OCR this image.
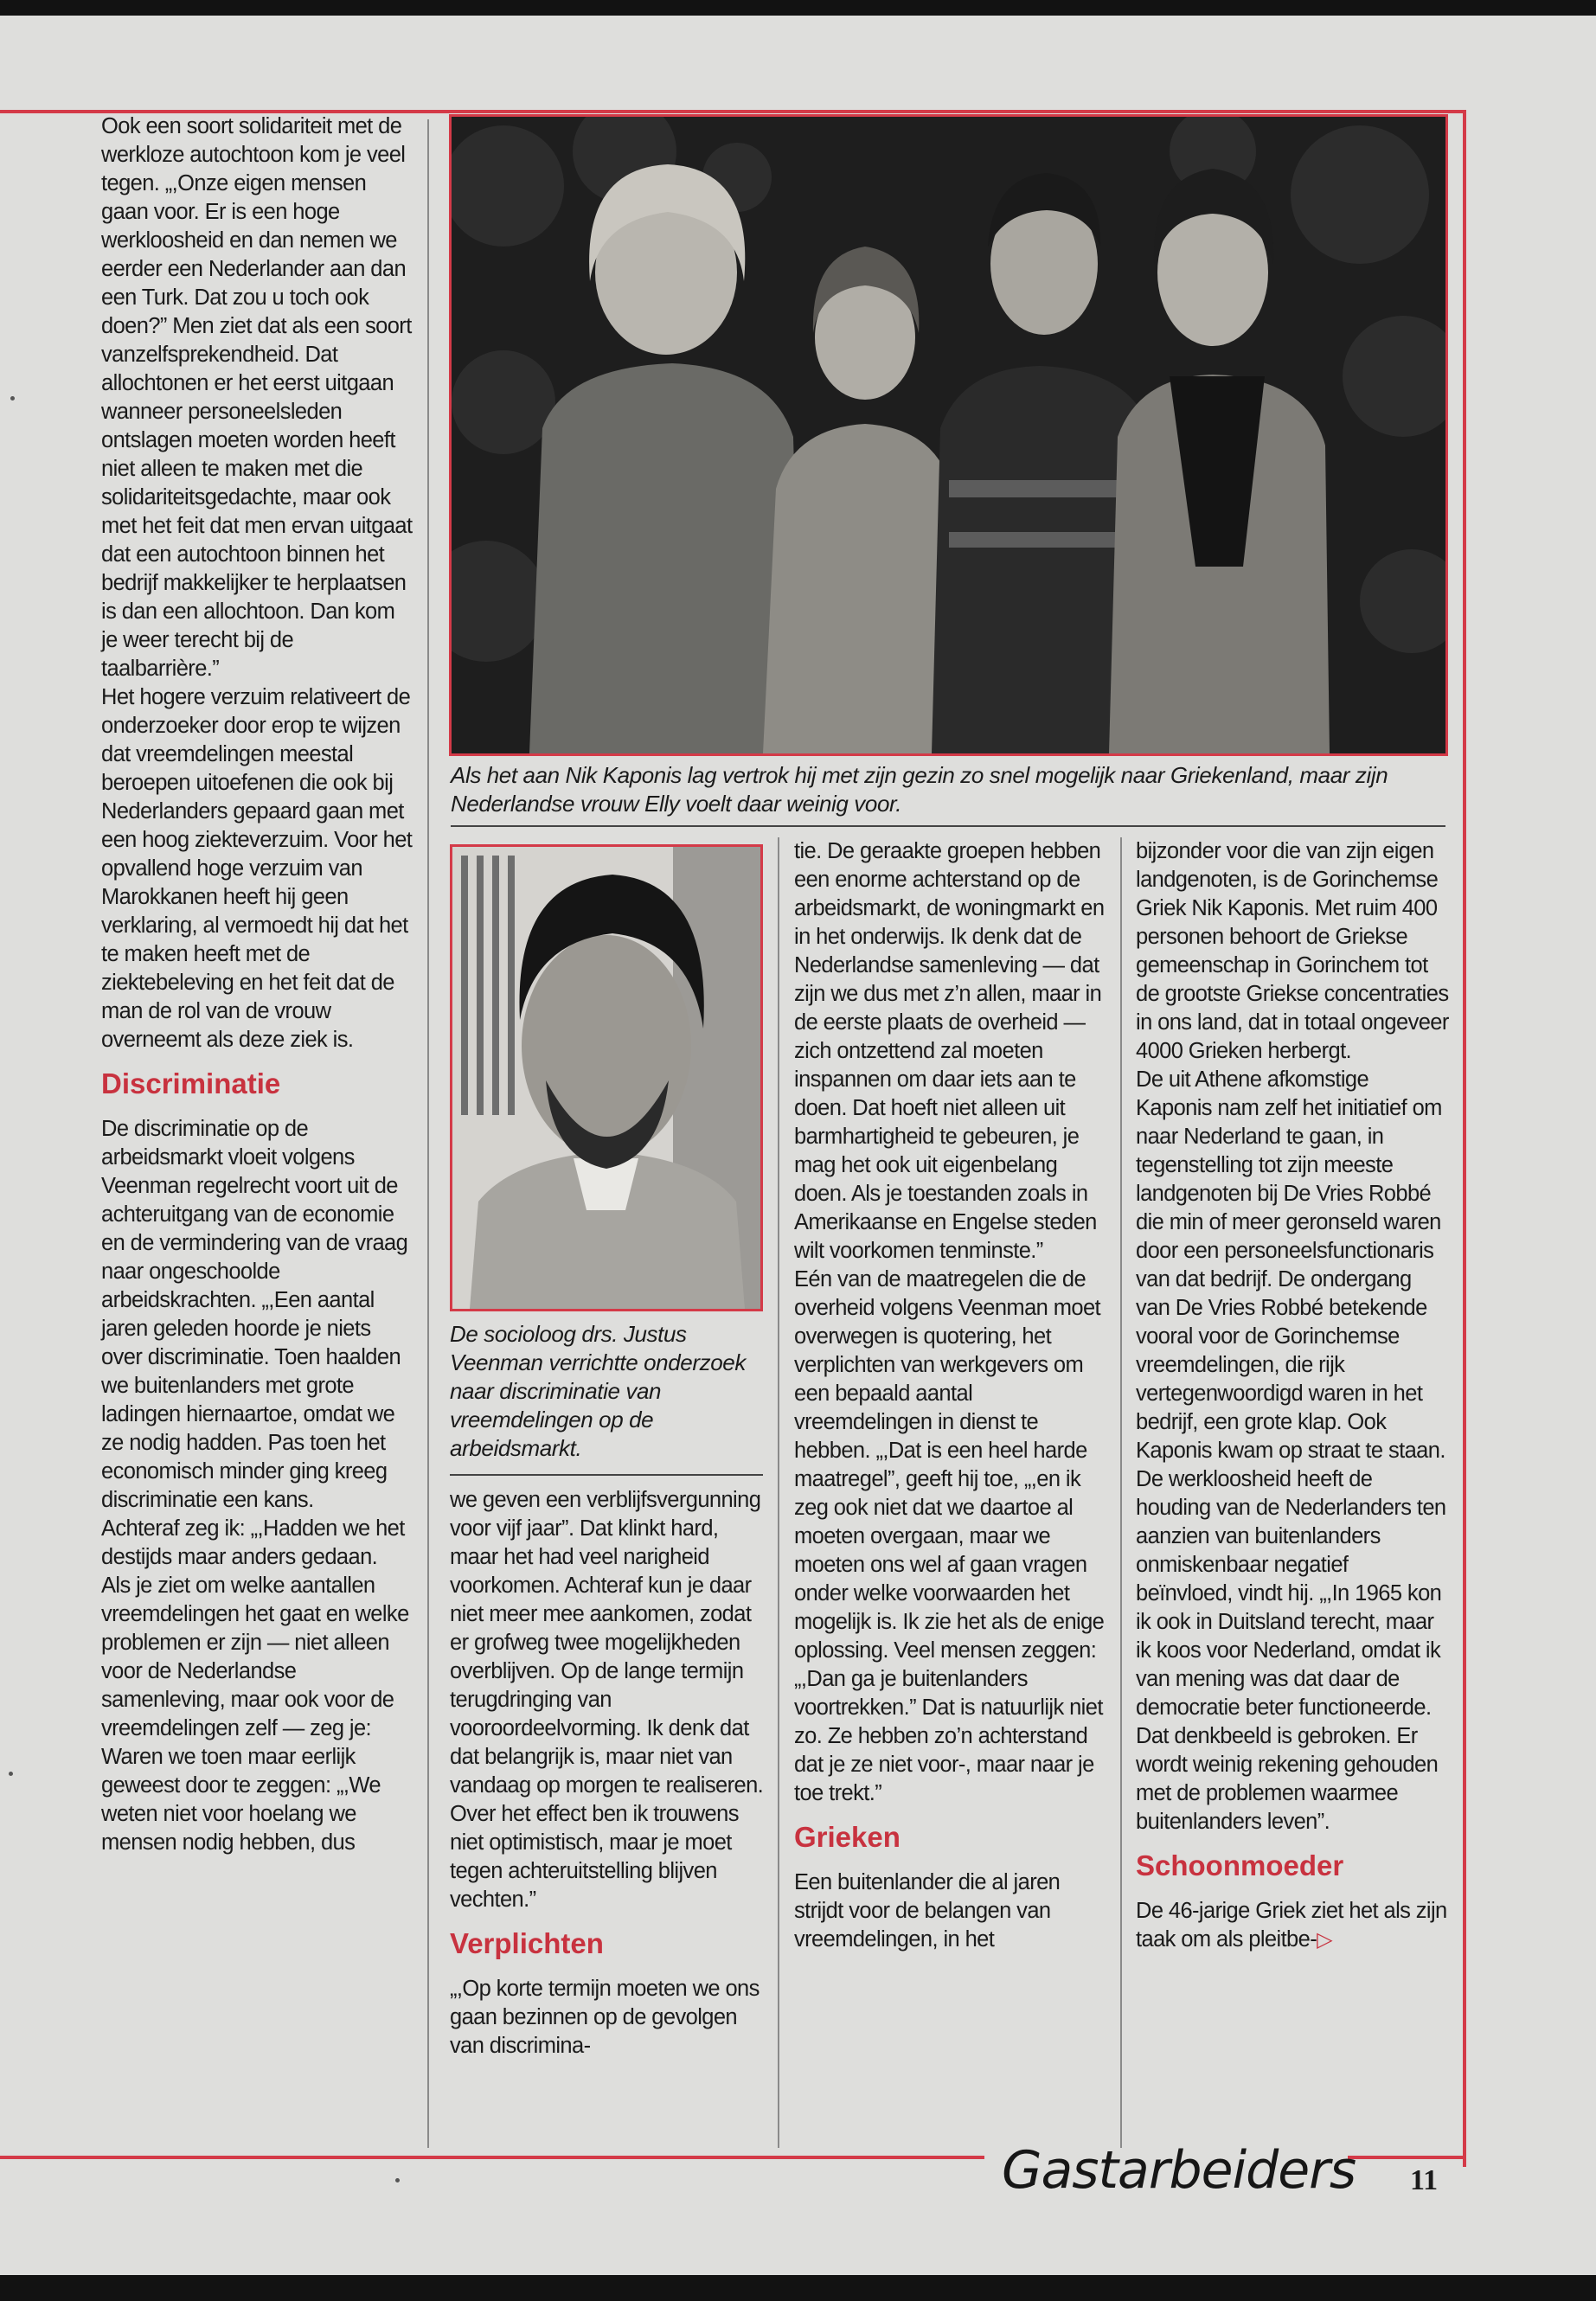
Ook een soort solidariteit met de werkloze autochtoon kom je veel tegen. „,Onze eigen mensen gaan voor. Er is een hoge werkloosheid en dan nemen we eerder een Nederlander aan dan een Turk. Dat zou u toch ook doen?” Men ziet dat als een soort vanzelfsprekendheid. Dat allochtonen er het eerst uitgaan wanneer personeelsleden ontslagen moeten worden heeft niet alleen te maken met die solidariteitsgedachte, maar ook met het feit dat men ervan uitgaat dat een autochtoon binnen het bedrijf makkelijker te herplaatsen is dan een allochtoon. Dan kom je weer terecht bij de taalbarrière.”

Het hogere verzuim relativeert de onderzoeker door erop te wijzen dat vreemdelingen meestal beroepen uitoefenen die ook bij Nederlanders gepaard gaan met een hoog ziekteverzuim. Voor het opvallend hoge verzuim van Marokkanen heeft hij geen verklaring, al vermoedt hij dat het te maken heeft met de ziektebeleving en het feit dat de man de rol van de vrouw overneemt als deze ziek is.

Discriminatie

De discriminatie op de arbeidsmarkt vloeit volgens Veenman regelrecht voort uit de achteruitgang van de economie en de vermindering van de vraag naar ongeschoolde arbeidskrachten. „,Een aantal jaren geleden hoorde je niets over discriminatie. Toen haalden we buitenlanders met grote ladingen hiernaartoe, omdat we ze nodig hadden. Pas toen het economisch minder ging kreeg discriminatie een kans.

Achteraf zeg ik: „,Hadden we het destijds maar anders gedaan.

Als je ziet om welke aantallen vreemdelingen het gaat en welke problemen er zijn — niet alleen voor de Nederlandse samenleving, maar ook voor de vreemdelingen zelf — zeg je: Waren we toen maar eerlijk geweest door te zeggen: „,We weten niet voor hoelang we mensen nodig hebben, dus

Als het aan Nik Kaponis lag vertrok hij met zijn gezin zo snel mogelijk naar Griekenland, maar zijn Nederlandse vrouw Elly voelt daar weinig voor.
De socioloog drs. Justus Veenman verrichtte onderzoek naar discriminatie van vreemdelingen op de arbeidsmarkt.

we geven een verblijfsvergunning voor vijf jaar”. Dat klinkt hard, maar het had veel narigheid voorkomen. Achteraf kun je daar niet meer mee aankomen, zodat er grofweg twee mogelijkheden overblijven. Op de lange termijn terugdringing van vooroordeelvorming. Ik denk dat dat belangrijk is, maar niet van vandaag op morgen te realiseren. Over het effect ben ik trouwens niet optimistisch, maar je moet tegen achteruitstelling blijven vechten.”

Verplichten

„,Op korte termijn moeten we ons gaan bezinnen op de gevolgen van discrimina-

tie. De geraakte groepen hebben een enorme achterstand op de arbeidsmarkt, de woningmarkt en in het onderwijs. Ik denk dat de Nederlandse samenleving — dat zijn we dus met z’n allen, maar in de eerste plaats de overheid — zich ontzettend zal moeten inspannen om daar iets aan te doen. Dat hoeft niet alleen uit barmhartigheid te gebeuren, je mag het ook uit eigenbelang doen. Als je toestanden zoals in Amerikaanse en Engelse steden wilt voorkomen tenminste.”

Eén van de maatregelen die de overheid volgens Veenman moet overwegen is quotering, het verplichten van werkgevers om een bepaald aantal vreemdelingen in dienst te hebben. „,Dat is een heel harde maatregel”, geeft hij toe, „,en ik zeg ook niet dat we daartoe al moeten overgaan, maar we moeten ons wel af gaan vragen onder welke voorwaarden het mogelijk is. Ik zie het als de enige oplossing. Veel mensen zeggen: „,Dan ga je buitenlanders voortrekken.” Dat is natuurlijk niet zo. Ze hebben zo’n achterstand dat je ze niet voor-, maar naar je toe trekt.”

Grieken

Een buitenlander die al jaren strijdt voor de belangen van vreemdelingen, in het

bijzonder voor die van zijn eigen landgenoten, is de Gorinchemse Griek Nik Kaponis. Met ruim 400 personen behoort de Griekse gemeenschap in Gorinchem tot de grootste Griekse concentraties in ons land, dat in totaal ongeveer 4000 Grieken herbergt.

De uit Athene afkomstige Kaponis nam zelf het initiatief om naar Nederland te gaan, in tegenstelling tot zijn meeste landgenoten bij De Vries Robbé die min of meer geronseld waren door een personeelsfunctionaris van dat bedrijf. De ondergang van De Vries Robbé betekende vooral voor de Gorinchemse vreemdelingen, die rijk vertegenwoordigd waren in het bedrijf, een grote klap. Ook Kaponis kwam op straat te staan. De werkloosheid heeft de houding van de Nederlanders ten aanzien van buitenlanders onmiskenbaar negatief beïnvloed, vindt hij. „,In 1965 kon ik ook in Duitsland terecht, maar ik koos voor Nederland, omdat ik van mening was dat daar de democratie beter functioneerde. Dat denkbeeld is gebroken. Er wordt weinig rekening gehouden met de problemen waarmee buitenlanders leven”.

Schoonmoeder

De 46-jarige Griek ziet het als zijn taak om als pleitbe-▷

Gastarbeiders 11
